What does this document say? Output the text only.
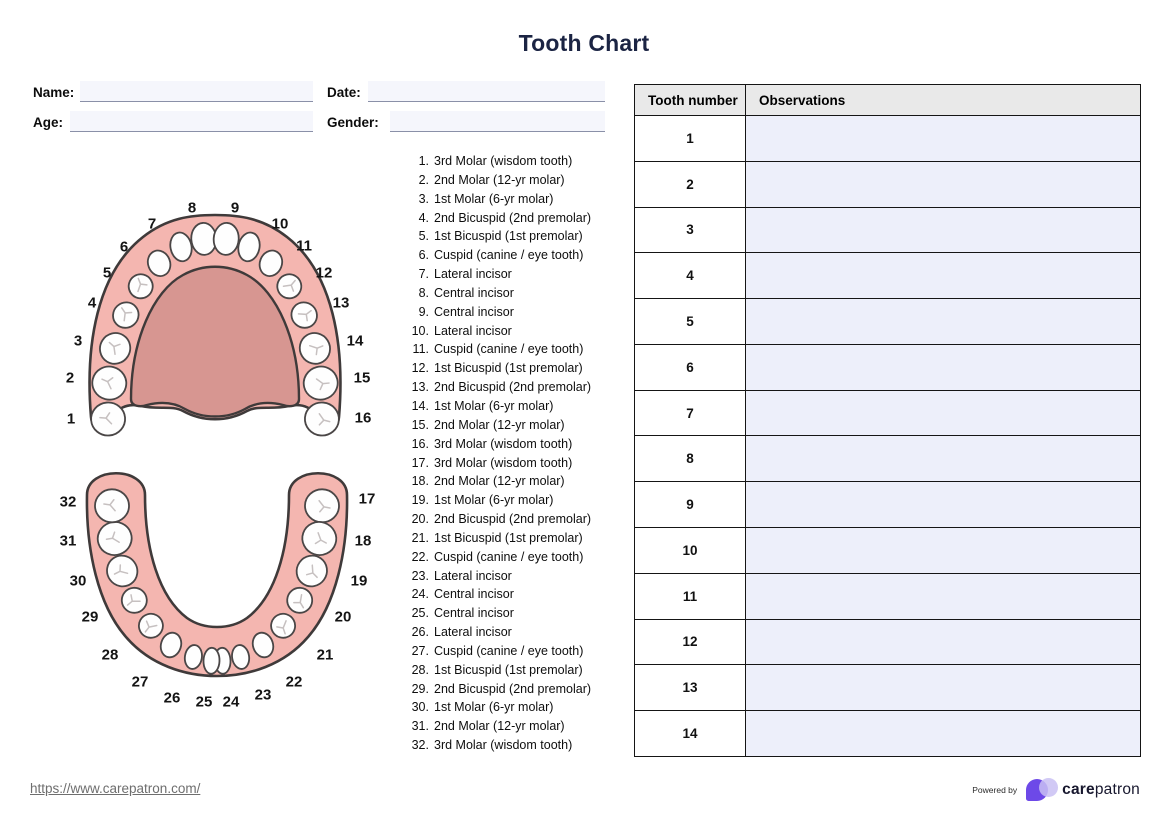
Tooth Chart
Name:	Date:
Age:	Gender:
1
2
3
4
5
6
7
8 9
10
11
12
13
14
15
16
17
18
19
20
21
22
23
24
25
26
27
28
29
30
31
32
1. 3rd Molar (wisdom tooth)
2. 2nd Molar (12-yr molar)
3. 1st Molar (6-yr molar)
4. 2nd Bicuspid (2nd premolar)
5. 1st Bicuspid (1st premolar)
6. Cuspid (canine / eye tooth)
7. Lateral incisor
8. Central incisor
9. Central incisor
10. Lateral incisor
11. Cuspid (canine / eye tooth)
12. 1st Bicuspid (1st premolar)
13. 2nd Bicuspid (2nd premolar)
14. 1st Molar (6-yr molar)
15. 2nd Molar (12-yr molar)
16. 3rd Molar (wisdom tooth)
17. 3rd Molar (wisdom tooth)
18. 2nd Molar (12-yr molar)
19. 1st Molar (6-yr molar)
20. 2nd Bicuspid (2nd premolar)
21. 1st Bicuspid (1st premolar)
22. Cuspid (canine / eye tooth)
23. Lateral incisor
24. Central incisor
25. Central incisor
26. Lateral incisor
27. Cuspid (canine / eye tooth)
28. 1st Bicuspid (1st premolar)
29. 2nd Bicuspid (2nd premolar)
30. 1st Molar (6-yr molar)
31. 2nd Molar (12-yr molar)
32. 3rd Molar (wisdom tooth)
Tooth number	Observations
1	
2	
3	
4	
5	
6	
7	
8	
9	
10	
11	
12	
13	
14	
https://www.carepatron.com/	Powered by	carepatron
